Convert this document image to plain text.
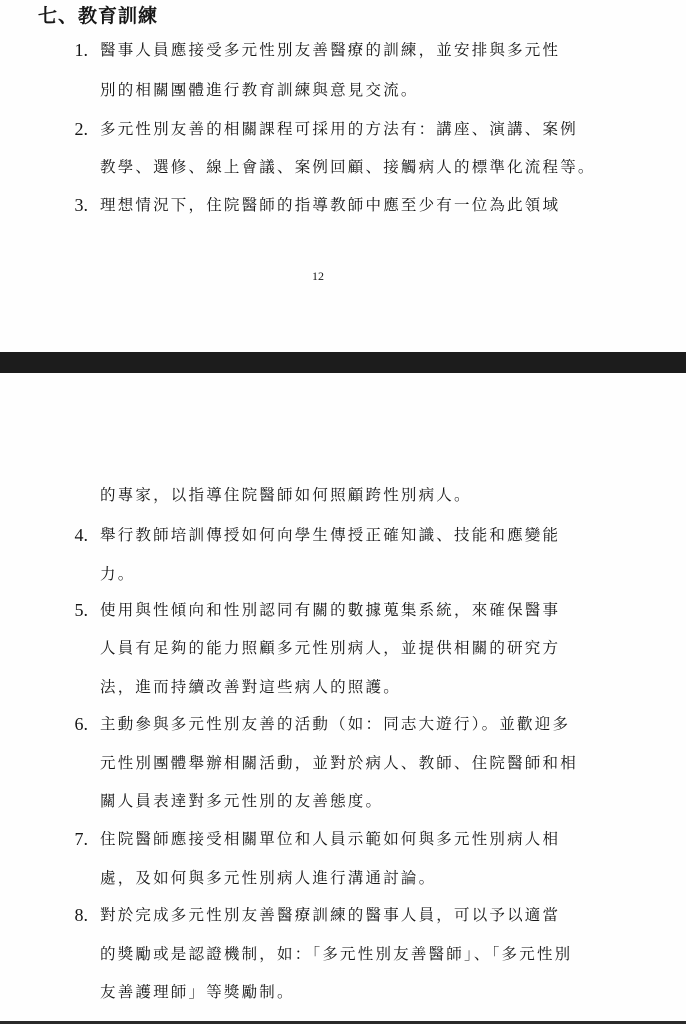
七、教育訓練
1. 醫事人員應接受多元性別友善醫療的訓練，並安排與多元性
別的相關團體進行教育訓練與意見交流。
2. 多元性別友善的相關課程可採用的方法有：講座、演講、案例
教學、選修、線上會議、案例回顧、接觸病人的標準化流程等。
3. 理想情況下，住院醫師的指導教師中應至少有一位為此領域
12
的專家，以指導住院醫師如何照顧跨性別病人。
4. 舉行教師培訓傳授如何向學生傳授正確知識、技能和應變能
力。
5. 使用與性傾向和性別認同有關的數據蒐集系統，來確保醫事
人員有足夠的能力照顧多元性別病人，並提供相關的研究方
法，進而持續改善對這些病人的照護。
6. 主動參與多元性別友善的活動（如：同志大遊行）。並歡迎多
元性別團體舉辦相關活動，並對於病人、教師、住院醫師和相
關人員表達對多元性別的友善態度。
7. 住院醫師應接受相關單位和人員示範如何與多元性別病人相
處，及如何與多元性別病人進行溝通討論。
8. 對於完成多元性別友善醫療訓練的醫事人員，可以予以適當
的獎勵或是認證機制，如：「多元性別友善醫師」、「多元性別
友善護理師」等獎勵制。
